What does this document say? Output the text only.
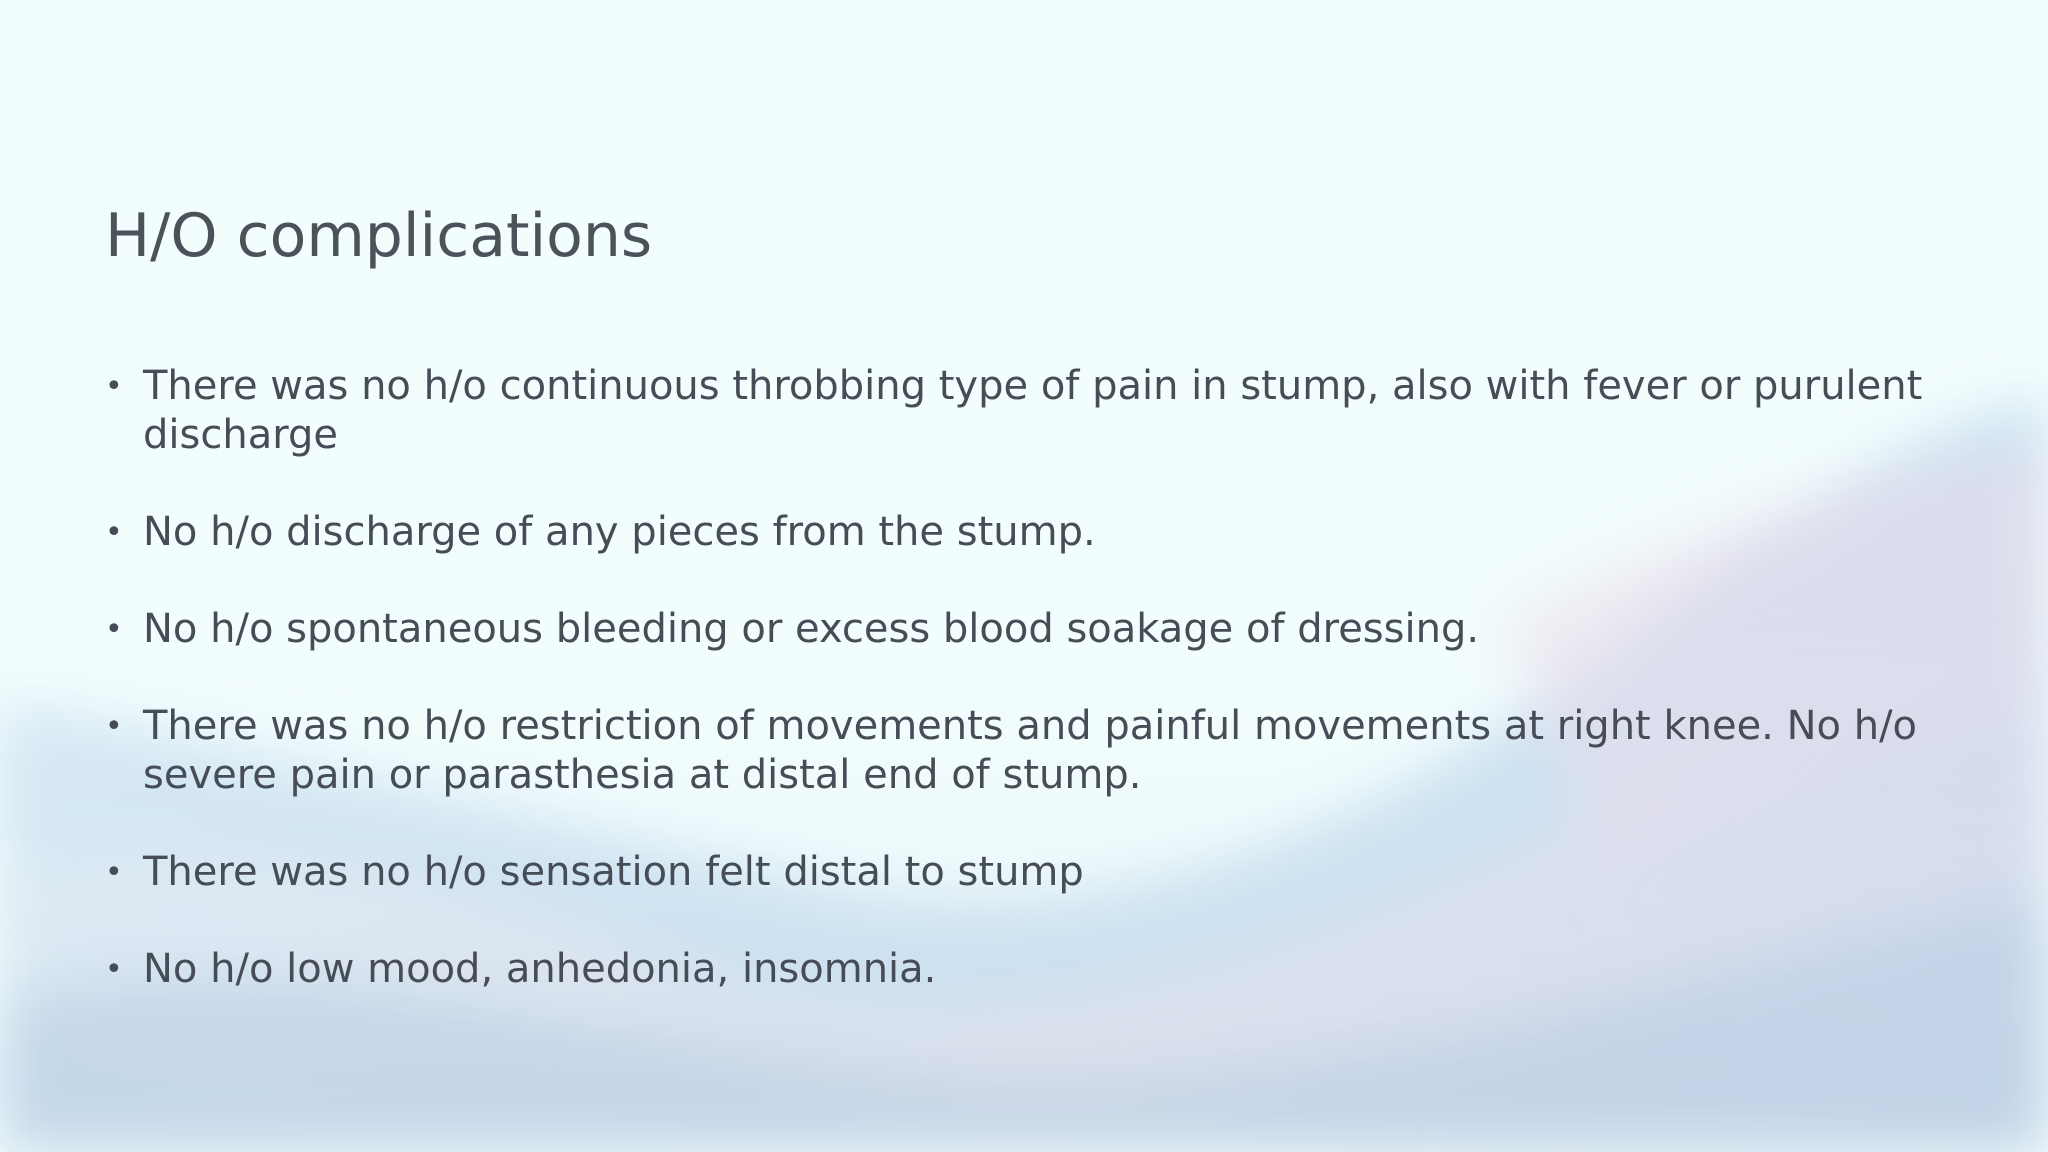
H/O complications
• There was no h/o continuous throbbing type of pain in stump, also with fever or purulent discharge
• No h/o discharge of any pieces from the stump.
• No h/o spontaneous bleeding or excess blood soakage of dressing.
• There was no h/o restriction of movements and painful movements at right knee. No h/o severe pain or parasthesia at distal end of stump.
• There was no h/o sensation felt distal to stump
• No h/o low mood, anhedonia, insomnia.
